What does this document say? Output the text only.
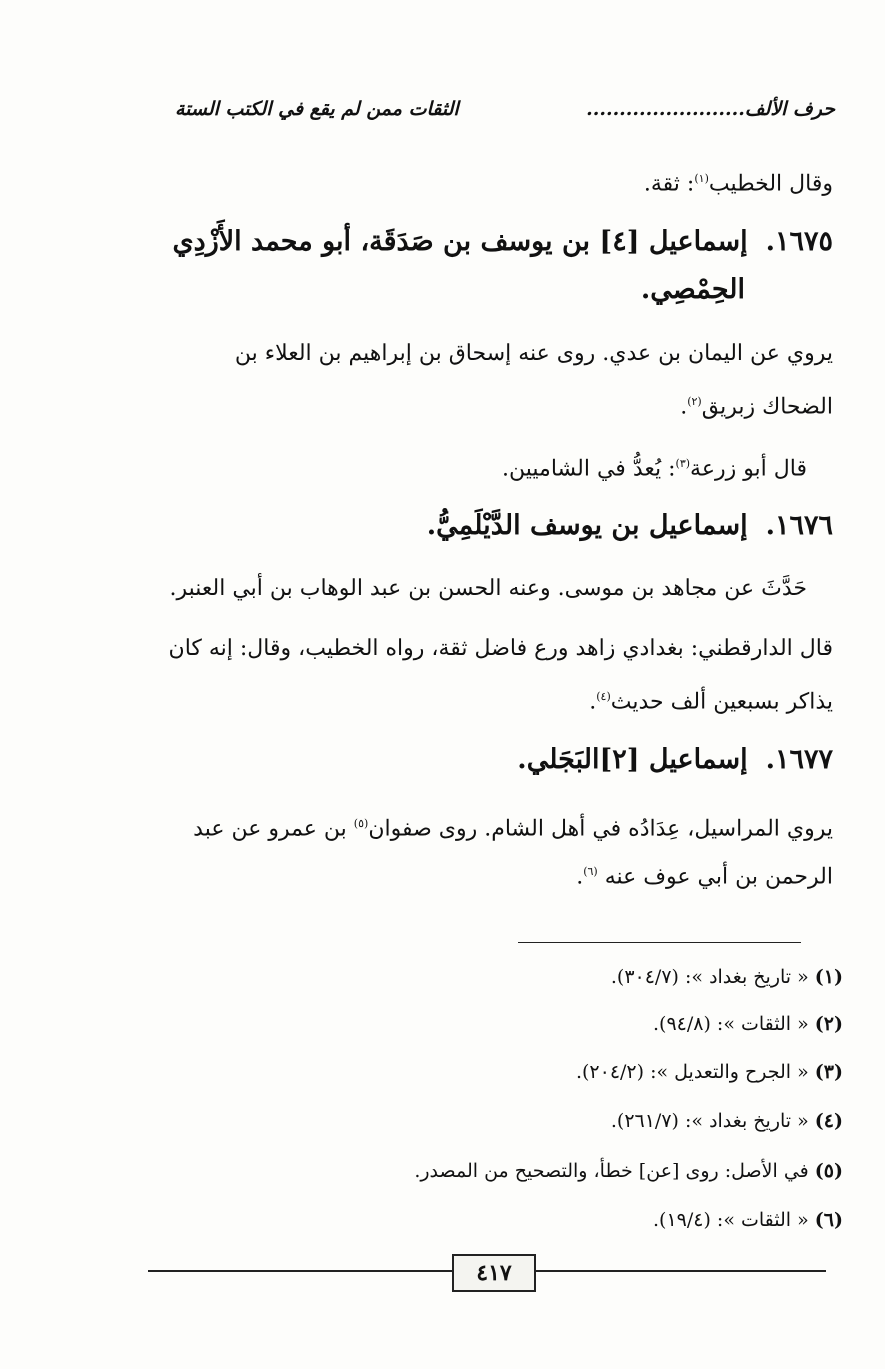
حرف الألف........................
الثقات ممن لم يقع في الكتب الستة
وقال الخطيب$^{(١)}$: ثقة.
١٦٧٥.إسماعيل [٤] بن يوسف بن صَدَقَة، أبو محمد الأَزْدِي
الحِمْصِي.
يروي عن اليمان بن عدي. روى عنه إسحاق بن إبراهيم بن العلاء بن
الضحاك زبريق$^{(٢)}$.
قال أبو زرعة$^{(٣)}$: يُعدُّ في الشاميين.
١٦٧٦.إسماعيل بن يوسف الدَّيْلَمِيُّ.
حَدَّثَ عن مجاهد بن موسى. وعنه الحسن بن عبد الوهاب بن أبي العنبر.
قال الدارقطني: بغدادي زاهد ورع فاضل ثقة، رواه الخطيب، وقال: إنه كان
يذاكر بسبعين ألف حديث$^{(٤)}$.
١٦٧٧.إسماعيل [٢]البَجَلي.
يروي المراسيل، عِدَادُه في أهل الشام. روى صفوان$^{(٥)}$ بن عمرو عن عبد
الرحمن بن أبي عوف عنه $^{(٦)}$.
(١) « تاريخ بغداد »: (٣٠٤/٧).
(٢) « الثقات »: (٩٤/٨).
(٣) « الجرح والتعديل »: (٢٠٤/٢).
(٤) « تاريخ بغداد »: (٢٦١/٧).
(٥) في الأصل: روى [عن] خطأ، والتصحيح من المصدر.
(٦) « الثقات »: (١٩/٤).
٤١٧
